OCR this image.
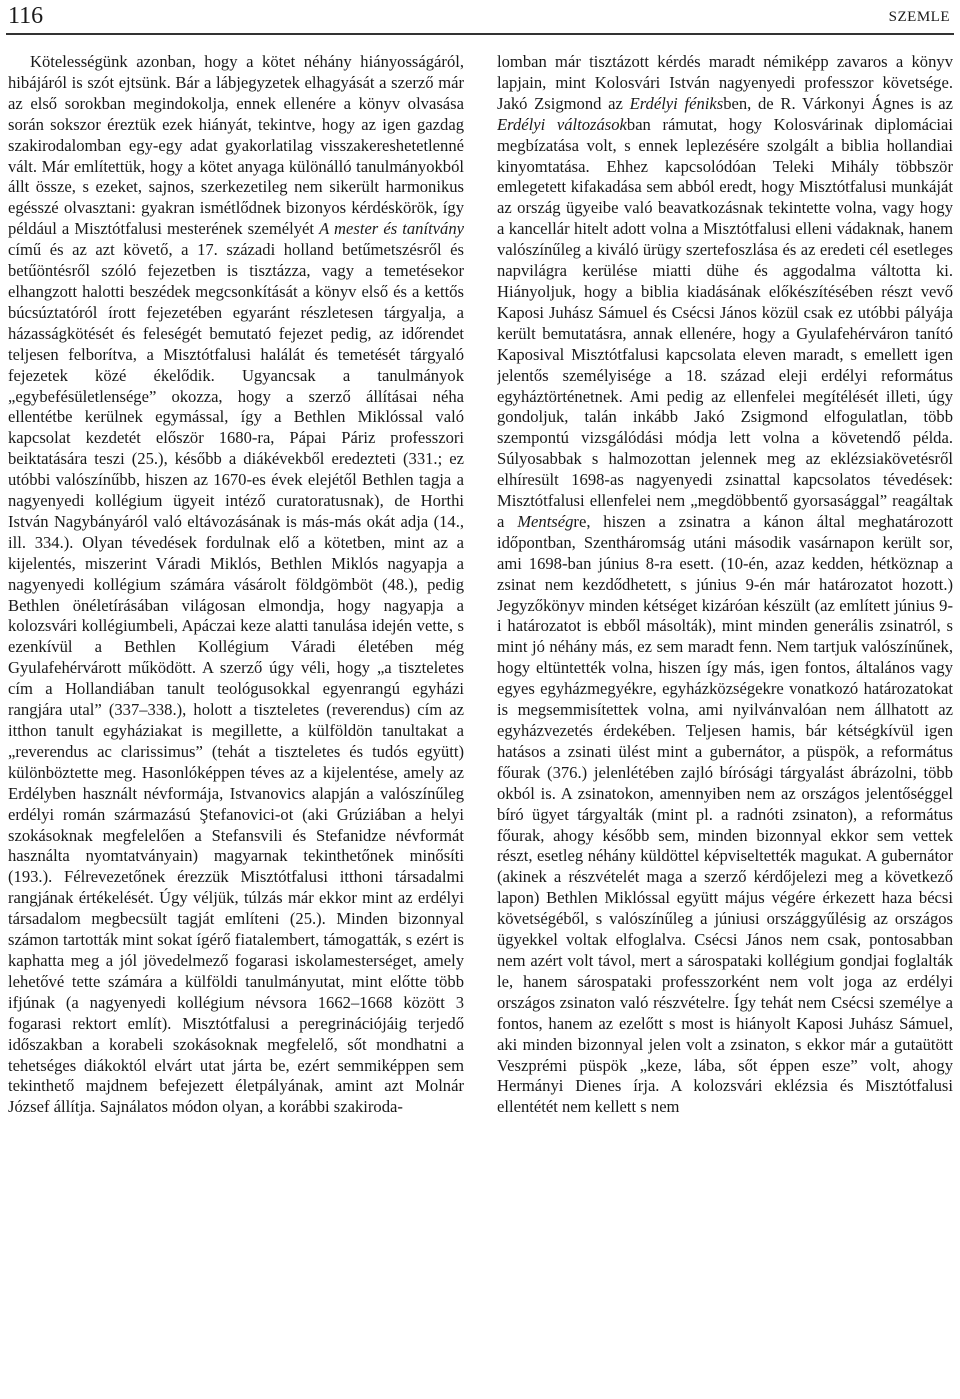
116	SZEMLE

Kötelességünk azonban, hogy a kötet néhány hiányosságáról, hibájáról is szót ejtsünk. Bár a lábjegyzetek elhagyását a szerző már az első sorokban megindokolja, ennek ellenére a könyv olvasása során sokszor éreztük ezek hiányát, tekintve, hogy az igen gazdag szakirodalomban egy-egy adat gyakorlatilag visszakereshetetlenné vált. Már említettük, hogy a kötet anyaga különálló tanulmányokból állt össze, s ezeket, sajnos, szerkezetileg nem sikerült harmonikus egésszé olvasztani: gyakran ismétlődnek bizonyos kérdéskörök, így például a Misztótfalusi mesterének személyét A mester és tanítvány című és az azt követő, a 17. századi holland betűmetszésről és betűöntésről szóló fejezetben is tisztázza, vagy a temetésekor elhangzott halotti beszédek megcsonkítását a könyv első és a kettős búcsúztatóról írott fejezetében egyaránt részletesen tárgyalja, a házasságkötését és feleségét bemutató fejezet pedig, az időrendet teljesen felborítva, a Misztótfalusi halálát és temetését tárgyaló fejezetek közé ékelődik. Ugyancsak a tanulmányok „egybefésületlensége” okozza, hogy a szerző állításai néha ellentétbe kerülnek egymással, így a Bethlen Miklóssal való kapcsolat kezdetét először 1680-ra, Pápai Páriz professzori beiktatására teszi (25.), később a diákévekből eredezteti (331.; ez utóbbi valószínűbb, hiszen az 1670-es évek elejétől Bethlen tagja a nagyenyedi kollégium ügyeit intéző curatoratusnak), de Horthi István Nagybányáról való eltávozásának is más-más okát adja (14., ill. 334.). Olyan tévedések fordulnak elő a kötetben, mint az a kijelentés, miszerint Váradi Miklós, Bethlen Miklós nagyapja a nagyenyedi kollégium számára vásárolt földgömböt (48.), pedig Bethlen önéletírásában világosan elmondja, hogy nagyapja a kolozsvári kollégiumbeli, Apáczai keze alatti tanulása idején vette, s ezenkívül a Bethlen Kollégium Váradi életében még Gyulafehérvárott működött. A szerző úgy véli, hogy „a tiszteletes cím a Hollandiában tanult teológusokkal egyenrangú egyházi rangjára utal” (337–338.), holott a tiszteletes (reverendus) cím az itthon tanult egyháziakat is megillette, a külföldön tanultakat a „reverendus ac clarissimus” (tehát a tiszteletes és tudós együtt) különböztette meg. Hasonlóképpen téves az a kijelentése, amely az Erdélyben használt névformája, Istvanovics alapján a valószínűleg erdélyi román származású Ştefanovici-ot (aki Grúziában a helyi szokásoknak megfelelően a Stefansvili és Stefanidze névformát használta nyomtatványain) magyarnak tekinthetőnek minősíti (193.). Félrevezetőnek érezzük Misztótfalusi itthoni társadalmi rangjának értékelését. Úgy véljük, túlzás már ekkor mint az erdélyi társadalom megbecsült tagját említeni (25.). Minden bizonnyal számon tartották mint sokat ígérő fiatalembert, támogatták, s ezért is kaphatta meg a jól jövedelmező fogarasi iskolamesterséget, amely lehetővé tette számára a külföldi tanulmányutat, mint előtte több ifjúnak (a nagyenyedi kollégium névsora 1662–1668 között 3 fogarasi rektort említ). Misztótfalusi a peregrinációjáig terjedő időszakban a korabeli szokásoknak megfelelő, sőt mondhatni a tehetséges diákoktól elvárt utat járta be, ezért semmiképpen sem tekinthető majdnem befejezett életpályának, amint azt Molnár József állítja. Sajnálatos módon olyan, a korábbi szakiroda-

lomban már tisztázott kérdés maradt némiképp zavaros a könyv lapjain, mint Kolosvári István nagyenyedi professzor követsége. Jakó Zsigmond az Erdélyi féniksben, de R. Várkonyi Ágnes is az Erdélyi változásokban rámutat, hogy Kolosvárinak diplomáciai megbízatása volt, s ennek leplezésére szolgált a biblia hollandiai kinyomtatása. Ehhez kapcsolódóan Teleki Mihály többször emlegetett kifakadása sem abból eredt, hogy Misztótfalusi munkáját az ország ügyeibe való beavatkozásnak tekintette volna, vagy hogy a kancellár hitelt adott volna a Misztótfalusi elleni vádaknak, hanem valószínűleg a kiváló ürügy szertefoszlása és az eredeti cél esetleges napvilágra kerülése miatti dühe és aggodalma váltotta ki. Hiányoljuk, hogy a biblia kiadásának előkészítésében részt vevő Kaposi Juhász Sámuel és Csécsi János közül csak ez utóbbi pályája került bemutatásra, annak ellenére, hogy a Gyulafehérváron tanító Kaposival Misztótfalusi kapcsolata eleven maradt, s emellett igen jelentős személyisége a 18. század eleji erdélyi református egyháztörténetnek. Ami pedig az ellenfelei megítélését illeti, úgy gondoljuk, talán inkább Jakó Zsigmond elfogulatlan, több szempontú vizsgálódási módja lett volna a követendő példa. Súlyosabbak s halmozottan jelennek meg az eklézsiakövetésről elhíresült 1698-as nagyenyedi zsinattal kapcsolatos tévedések: Misztótfalusi ellenfelei nem „megdöbbentő gyorsasággal” reagáltak a Mentségre, hiszen a zsinatra a kánon által meghatározott időpontban, Szentháromság utáni második vasárnapon került sor, ami 1698-ban június 8-ra esett. (10-én, azaz kedden, hétköznap a zsinat nem kezdődhetett, s június 9-én már határozatot hozott.) Jegyzőkönyv minden kétséget kizáróan készült (az említett június 9-i határozatot is ebből másolták), mint minden generális zsinatról, s mint jó néhány más, ez sem maradt fenn. Nem tartjuk valószínűnek, hogy eltüntették volna, hiszen így más, igen fontos, általános vagy egyes egyházmegyékre, egyházközségekre vonatkozó határozatokat is megsemmisítettek volna, ami nyilvánvalóan nem állhatott az egyházvezetés érdekében. Teljesen hamis, bár kétségkívül igen hatásos a zsinati ülést mint a gubernátor, a püspök, a református főurak (376.) jelenlétében zajló bírósági tárgyalást ábrázolni, több okból is. A zsinatokon, amennyiben nem az országos jelentőséggel bíró ügyet tárgyalták (mint pl. a radnóti zsinaton), a református főurak, ahogy később sem, minden bizonnyal ekkor sem vettek részt, esetleg néhány küldöttel képviseltették magukat. A gubernátor (akinek a részvételét maga a szerző kérdőjelezi meg a következő lapon) Bethlen Miklóssal együtt május végére érkezett haza bécsi követségéből, s valószínűleg a júniusi országgyűlésig az országos ügyekkel voltak elfoglalva. Csécsi János nem csak, pontosabban nem azért volt távol, mert a sárospataki kollégium gondjai foglalták le, hanem sárospataki professzorként nem volt joga az erdélyi országos zsinaton való részvételre. Így tehát nem Csécsi személye a fontos, hanem az ezelőtt s most is hiányolt Kaposi Juhász Sámuel, aki minden bizonnyal jelen volt a zsinaton, s ekkor már a gutaütött Veszprémi püspök „keze, lába, sőt éppen esze” volt, ahogy Hermányi Dienes írja. A kolozsvári eklézsia és Misztótfalusi ellentétét nem kellett s nem
